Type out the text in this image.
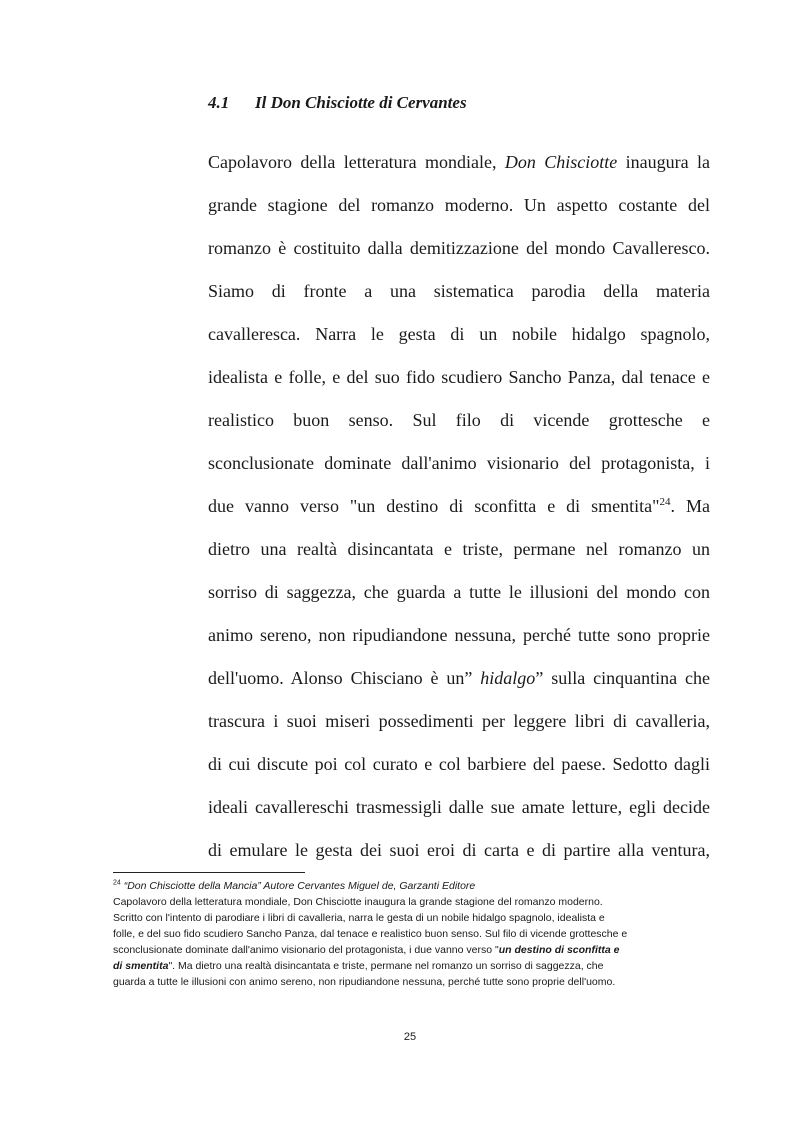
4.1 Il Don Chisciotte di Cervantes
Capolavoro della letteratura mondiale, Don Chisciotte inaugura la
grande stagione del romanzo moderno. Un aspetto costante del
romanzo è costituito dalla demitizzazione del mondo Cavalleresco.
Siamo di fronte a una sistematica parodia della materia
cavalleresca. Narra le gesta di un nobile hidalgo spagnolo,
idealista e folle, e del suo fido scudiero Sancho Panza, dal tenace e
realistico buon senso. Sul filo di vicende grottesche e
sconclusionate dominate dall'animo visionario del protagonista, i
due vanno verso "un destino di sconfitta e di smentita"$^{24}$. Ma
dietro una realtà disincantata e triste, permane nel romanzo un
sorriso di saggezza, che guarda a tutte le illusioni del mondo con
animo sereno, non ripudiandone nessuna, perché tutte sono proprie
dell'uomo. Alonso Chisciano è un” hidalgo” sulla cinquantina che
trascura i suoi miseri possedimenti per leggere libri di cavalleria,
di cui discute poi col curato e col barbiere del paese. Sedotto dagli
ideali cavallereschi trasmessigli dalle sue amate letture, egli decide
di emulare le gesta dei suoi eroi di carta e di partire alla ventura,
$^{24}$ “Don Chisciotte della Mancia” Autore Cervantes Miguel de, Garzanti Editore
Capolavoro della letteratura mondiale, Don Chisciotte inaugura la grande stagione del romanzo moderno.
Scritto con l'intento di parodiare i libri di cavalleria, narra le gesta di un nobile hidalgo spagnolo, idealista e
folle, e del suo fido scudiero Sancho Panza, dal tenace e realistico buon senso. Sul filo di vicende grottesche e
sconclusionate dominate dall'animo visionario del protagonista, i due vanno verso "un destino di sconfitta e
di smentita". Ma dietro una realtà disincantata e triste, permane nel romanzo un sorriso di saggezza, che
guarda a tutte le illusioni con animo sereno, non ripudiandone nessuna, perché tutte sono proprie dell'uomo.
25
